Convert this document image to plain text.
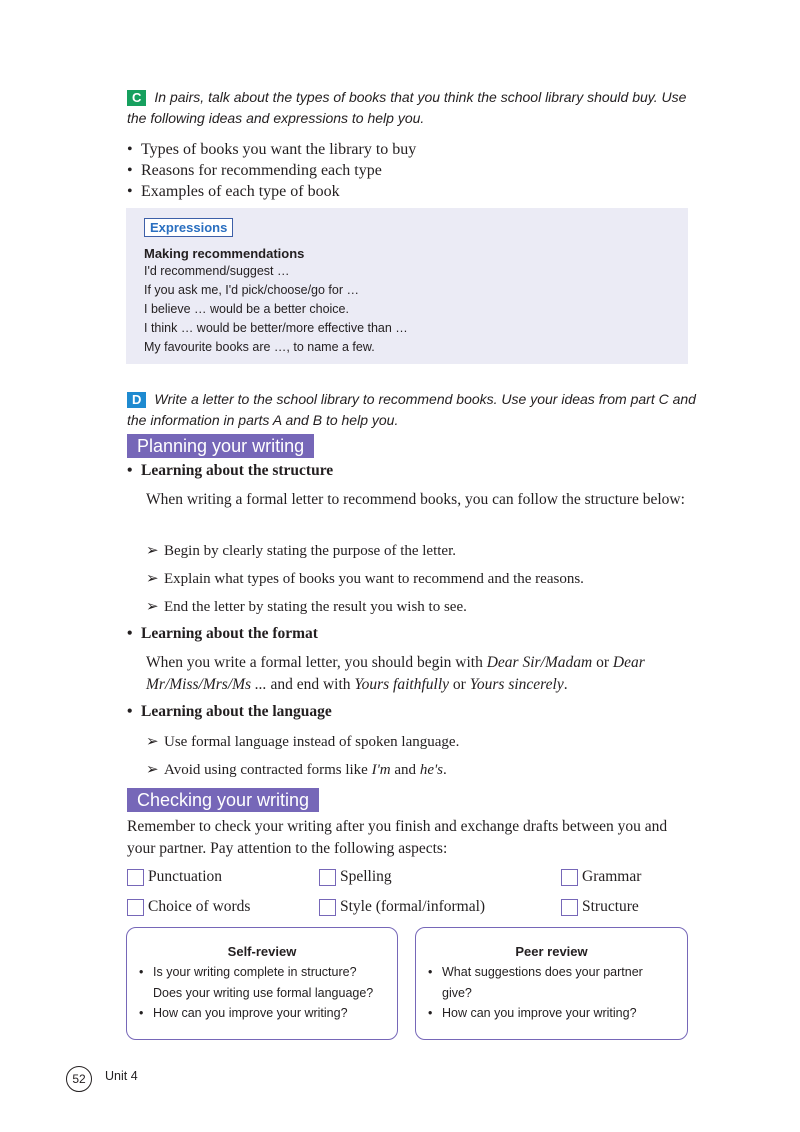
C In pairs, talk about the types of books that you think the school library should buy. Use the following ideas and expressions to help you.
• Types of books you want the library to buy
• Reasons for recommending each type
• Examples of each type of book
Expressions
Making recommendations
I'd recommend/suggest …
If you ask me, I'd pick/choose/go for …
I believe … would be a better choice.
I think … would be better/more effective than …
My favourite books are …, to name a few.
D Write a letter to the school library to recommend books. Use your ideas from part C and the information in parts A and B to help you.
Planning your writing
• Learning about the structure
When writing a formal letter to recommend books, you can follow the structure below:
➢ Begin by clearly stating the purpose of the letter.
➢ Explain what types of books you want to recommend and the reasons.
➢ End the letter by stating the result you wish to see.
• Learning about the format
When you write a formal letter, you should begin with Dear Sir/Madam or Dear Mr/Miss/Mrs/Ms ... and end with Yours faithfully or Yours sincerely.
• Learning about the language
➢ Use formal language instead of spoken language.
➢ Avoid using contracted forms like I'm and he's.
Checking your writing
Remember to check your writing after you finish and exchange drafts between you and your partner. Pay attention to the following aspects:
Punctuation	Spelling	Grammar
Choice of words	Style (formal/informal)	Structure
Self-review
• Is your writing complete in structure?
Does your writing use formal language?
• How can you improve your writing?
Peer review
• What suggestions does your partner
give?
• How can you improve your writing?
52	Unit 4
